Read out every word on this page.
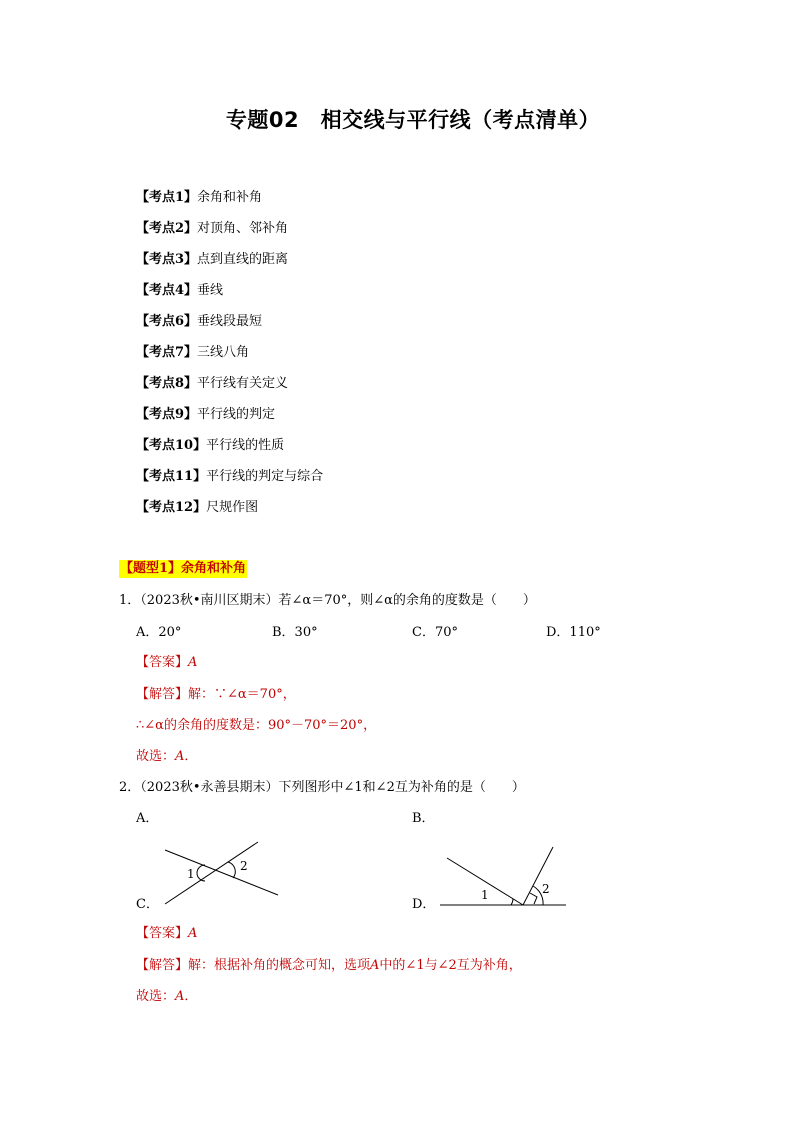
专题02　相交线与平行线（考点清单）
【考点1】余角和补角
【考点2】对顶角、邻补角
【考点3】点到直线的距离
【考点4】垂线
【考点6】垂线段最短
【考点7】三线八角
【考点8】平行线有关定义
【考点9】平行线的判定
【考点10】平行线的性质
【考点11】平行线的判定与综合
【考点12】尺规作图
【题型1】余角和补角
1．（2023秋•南川区期末）若∠α＝70°，则∠α的余角的度数是（　　）
A．20°	B．30°	C．70°	D．110°
【答案】A
【解答】解：∵∠α＝70°，
∴∠α的余角的度数是：90°－70°＝20°，
故选：A．
2．（2023秋•永善县期末）下列图形中∠1和∠2互为补角的是（　　）
A．	B．
C．	D．
1
2
1	2
【答案】A
【解答】解：根据补角的概念可知，选项A中的∠1与∠2互为补角，
故选：A．
